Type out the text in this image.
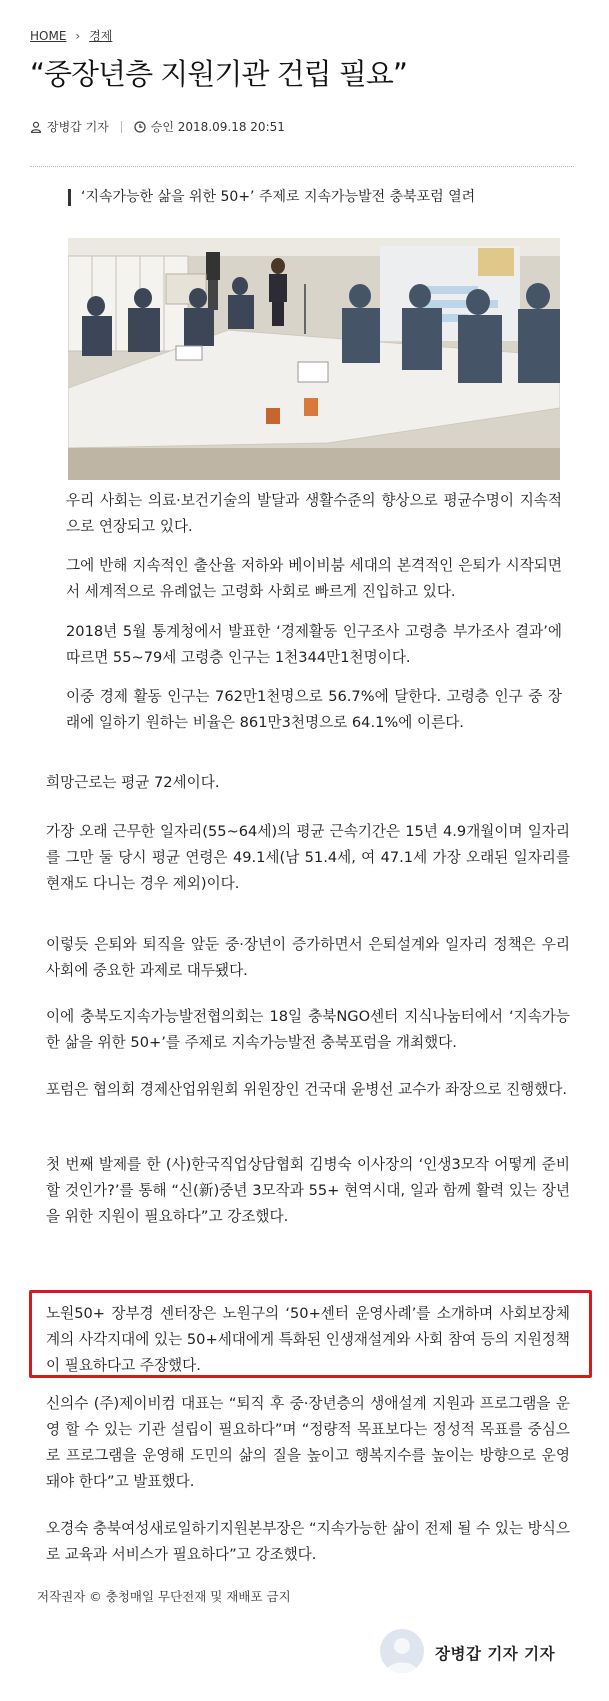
HOME › 경제
“중장년층 지원기관 건립 필요”
장병갑 기자	승인 2018.09.18 20:51
‘지속가능한 삶을 위한 50+’ 주제로 지속가능발전 충북포럼 열려

우리 사회는 의료·보건기술의 발달과 생활수준의 향상으로 평균수명이 지속적으로 연장되고 있다.

그에 반해 지속적인 출산율 저하와 베이비붐 세대의 본격적인 은퇴가 시작되면서 세계적으로 유례없는 고령화 사회로 빠르게 진입하고 있다.

2018년 5월 통계청에서 발표한 ‘경제활동 인구조사 고령층 부가조사 결과’에 따르면 55~79세 고령층 인구는 1천344만1천명이다.

이중 경제 활동 인구는 762만1천명으로 56.7%에 달한다. 고령층 인구 중 장래에 일하기 원하는 비율은 861만3천명으로 64.1%에 이른다.

희망근로는 평균 72세이다.

가장 오래 근무한 일자리(55~64세)의 평균 근속기간은 15년 4.9개월이며 일자리를 그만 둘 당시 평균 연령은 49.1세(남 51.4세, 여 47.1세 가장 오래된 일자리를 현재도 다니는 경우 제외)이다.

이렇듯 은퇴와 퇴직을 앞둔 중·장년이 증가하면서 은퇴설계와 일자리 정책은 우리 사회에 중요한 과제로 대두됐다.

이에 충북도지속가능발전협의회는 18일 충북NGO센터 지식나눔터에서 ‘지속가능한 삶을 위한 50+’를 주제로 지속가능발전 충북포럼을 개최했다.

포럼은 협의회 경제산업위원회 위원장인 건국대 윤병선 교수가 좌장으로 진행했다.

첫 번째 발제를 한 (사)한국직업상담협회 김병숙 이사장의 ‘인생3모작 어떻게 준비 할 것인가?’를 통해 “신(新)중년 3모작과 55+ 현역시대, 일과 함께 활력 있는 장년을 위한 지원이 필요하다”고 강조했다.

노원50+ 장부경 센터장은 노원구의 ‘50+센터 운영사례’를 소개하며 사회보장체계의 사각지대에 있는 50+세대에게 특화된 인생재설계와 사회 참여 등의 지원정책이 필요하다고 주장했다.

신의수 (주)제이비컴 대표는 “퇴직 후 중·장년층의 생애설계 지원과 프로그램을 운영 할 수 있는 기관 설립이 필요하다”며 “정량적 목표보다는 정성적 목표를 중심으로 프로그램을 운영해 도민의 삶의 질을 높이고 행복지수를 높이는 방향으로 운영돼야 한다”고 발표했다.

오경숙 충북여성새로일하기지원본부장은 “지속가능한 삶이 전제 될 수 있는 방식으로 교육과 서비스가 필요하다”고 강조했다.

저작권자 © 충청매일 무단전재 및 재배포 금지
장병갑 기자 기자
